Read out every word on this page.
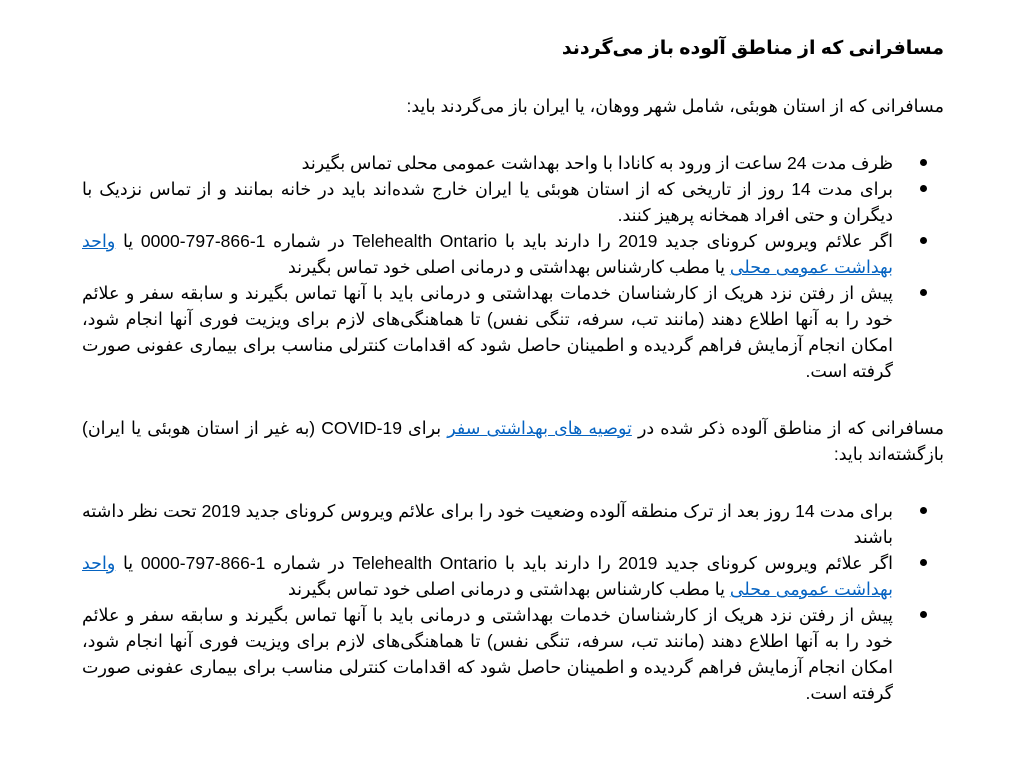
مسافرانی که از مناطق آلوده باز می‌گردند

مسافرانی که از استان هوبئی، شامل شهر ووهان، یا ایران باز می‌گردند باید:

ظرف مدت 24 ساعت از ورود به کانادا با واحد بهداشت عمومی محلی تماس بگیرند
برای مدت 14 روز از تاریخی که از استان هوبئی یا ایران خارج شده‌اند باید در خانه بمانند و از تماس نزدیک با دیگران و حتی افراد همخانه پرهیز کنند.
اگر علائم ویروس کرونای جدید 2019 را دارند باید با Telehealth Ontario در شماره 1-866-797-0000 یا واحد بهداشت عمومی محلی یا مطب کارشناس بهداشتی و درمانی اصلی خود تماس بگیرند
پیش از رفتن نزد هریک از کارشناسان خدمات بهداشتی و درمانی باید با آنها تماس بگیرند و سابقه سفر و علائم خود را به آنها اطلاع دهند (مانند تب، سرفه، تنگی نفس) تا هماهنگی‌های لازم برای ویزیت فوری آنها انجام شود، امکان انجام آزمایش فراهم گردیده و اطمینان حاصل شود که اقدامات کنترلی مناسب برای بیماری عفونی صورت گرفته است.

مسافرانی که از مناطق آلوده ذکر شده در توصیه های بهداشتی سفر برای COVID-19 (به غیر از استان هوبئی یا ایران) بازگشته‌اند باید:

برای مدت 14 روز بعد از ترک منطقه آلوده وضعیت خود را برای علائم ویروس کرونای جدید 2019 تحت نظر داشته باشند
اگر علائم ویروس کرونای جدید 2019 را دارند باید با Telehealth Ontario در شماره 1-866-797-0000 یا واحد بهداشت عمومی محلی یا مطب کارشناس بهداشتی و درمانی اصلی خود تماس بگیرند
پیش از رفتن نزد هریک از کارشناسان خدمات بهداشتی و درمانی باید با آنها تماس بگیرند و سابقه سفر و علائم خود را به آنها اطلاع دهند (مانند تب، سرفه، تنگی نفس) تا هماهنگی‌های لازم برای ویزیت فوری آنها انجام شود، امکان انجام آزمایش فراهم گردیده و اطمینان حاصل شود که اقدامات کنترلی مناسب برای بیماری عفونی صورت گرفته است.
